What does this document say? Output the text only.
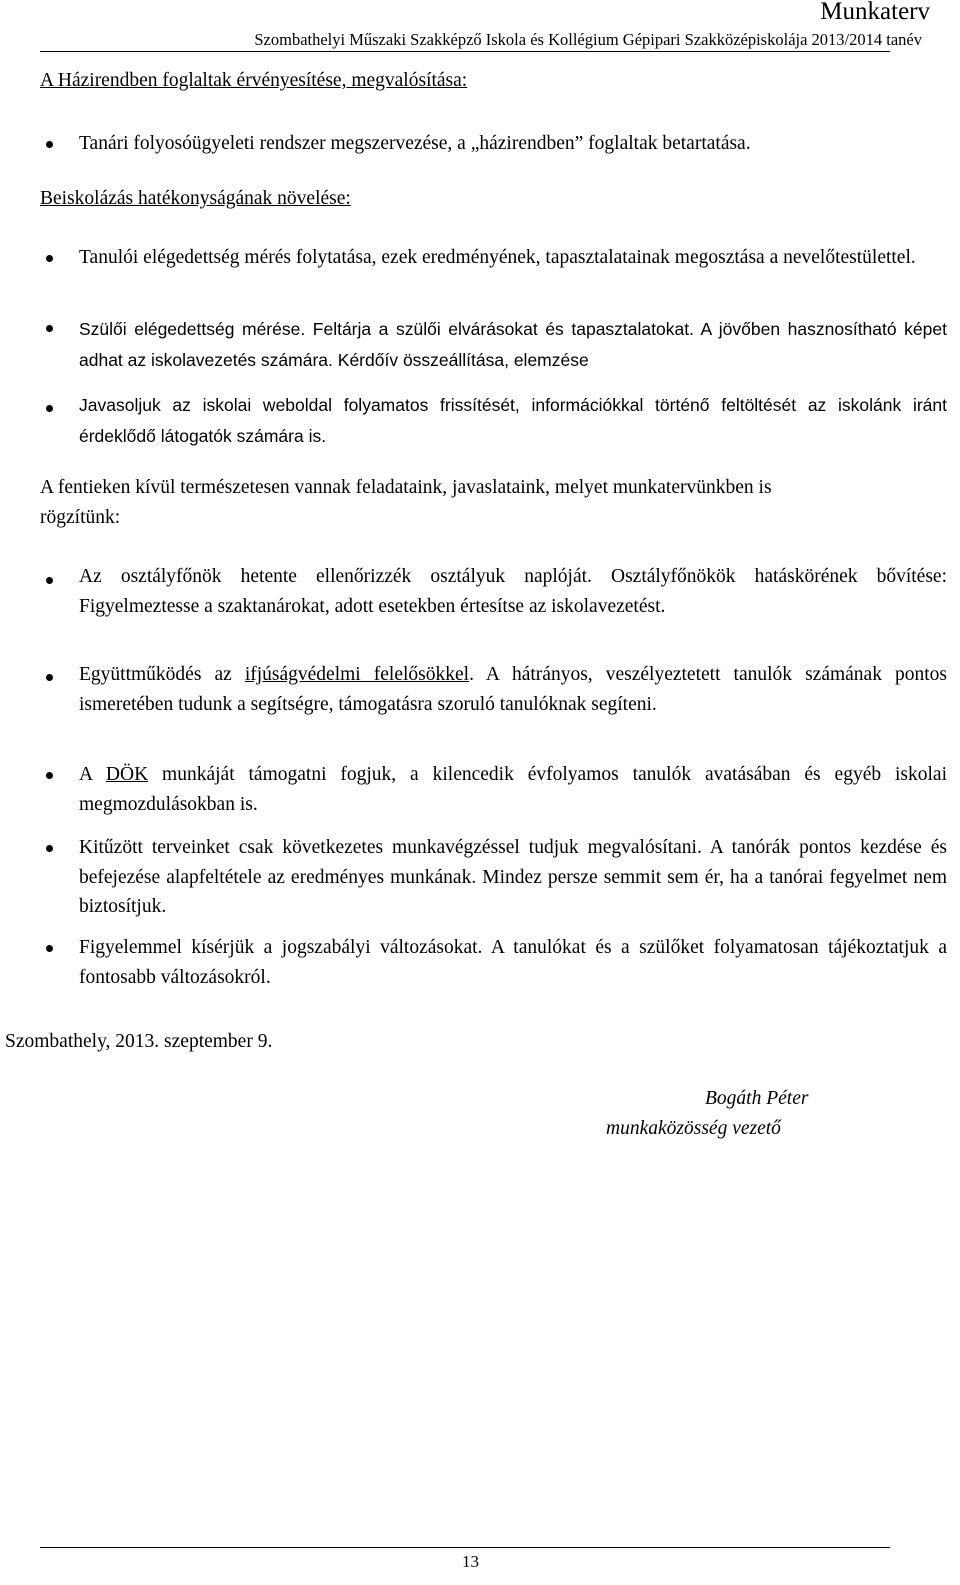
Munkaterv
Szombathelyi Műszaki Szakképző Iskola és Kollégium Gépipari Szakközépiskolája 2013/2014 tanév
A Házirendben foglaltak érvényesítése, megvalósítása:
Tanári folyosóügyeleti rendszer megszervezése, a „házirendben” foglaltak betartatása.
Beiskolázás hatékonyságának növelése:
Tanulói elégedettség mérés folytatása, ezek eredményének, tapasztalatainak megosztása a nevelőtestülettel.
Szülői elégedettség mérése. Feltárja a szülői elvárásokat és tapasztalatokat. A jövőben hasznosítható képet adhat az iskolavezetés számára. Kérdőív összeállítása, elemzése
Javasoljuk az iskolai weboldal folyamatos frissítését, információkkal történő feltöltését az iskolánk iránt érdeklődő látogatók számára is.
A fentieken kívül természetesen vannak feladataink, javaslataink, melyet munkatervünkben is rögzítünk:
Az osztályfőnök hetente ellenőrizzék osztályuk naplóját. Osztályfőnökök hatáskörének bővítése: Figyelmeztesse a szaktanárokat, adott esetekben értesítse az iskolavezetést.
Együttműködés az ifjúságvédelmi felelősökkel. A hátrányos, veszélyeztetett tanulók számának pontos ismeretében tudunk a segítségre, támogatásra szoruló tanulóknak segíteni.
A DÖK munkáját támogatni fogjuk, a kilencedik évfolyamos tanulók avatásában és egyéb iskolai megmozdulásokban is.
Kitűzött terveinket csak következetes munkavégzéssel tudjuk megvalósítani. A tanórák pontos kezdése és befejezése alapfeltétele az eredményes munkának. Mindez persze semmit sem ér, ha a tanórai fegyelmet nem biztosítjuk.
Figyelemmel kísérjük a jogszabályi változásokat. A tanulókat és a szülőket folyamatosan tájékoztatjuk a fontosabb változásokról.
Szombathely, 2013. szeptember 9.
Bogáth Péter
munkaközösség vezető
13
